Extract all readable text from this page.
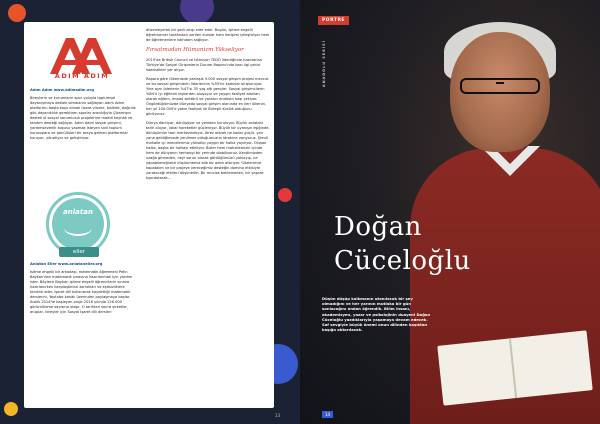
ADIM ADIM
Adım Adım www.adimadim.org
Bireylerin ve kurumların spor yoluyla toplumsal dayanışmaya destek olmalarını sağlayan Adım Adım platformu başta koşu olmak üzere yüzme, bisiklet, dağcılık gibi dayanıklılık gerektiren sporlar aracılığıyla Çikarmzın destek ol sosyal sorumluluk projelerine maddi kaynak ve tanıtım desteği sağlıyor. Adım Adım sosyal girişimi, yardımseverlik koşusu yapmak isteyen sivil toplum kuruluşlara ve gönüllüleri bir araya getiren platformlar kuruyor, yönetiyor ve geliştiriyor.
anlatan
eller
Anlatan Eller www.anlataneller.org
İşitme engelli bir arkadaşı, matematik öğretmeni Pelin Baykan'dan matematik sınavına hazırlanmak için yardım ister. Böylece Baykan işitme engelli öğrencilerin sınava hazırlanırken karşılaştıkları zorlukları ve eşitsizliklere tanıklık eder. İşaret dili kullanarak kaydettiği matematik derslerini, Youtube kanalı üzerinden paylaşmaya başlar. Aralık 2014'te başlayan proje 2018 yılında 126.000 görüntüleme sayısına ulaşır. O tarihten sonra şirketler, aruplar, bireyler için Sosyal İşaret dili dersleri
düzenleyerek bir gelir akışı elde eder. Bugün, işitme engelli öğretmenler tarafından verilen kurslar hem iletişimi iyileştiriyor hem de öğretmenlere istihdam sağlıyor.
Fırsatmadan Hümanizm Yükseliyor
2019'da British Council ve İstanyon TEDÖ liderliğinde hazırlanan Türkiye'de Sosyal Girişimlerin Durum Raporu'nda bazı ilgi çekici istatistikler yer alıyor.
Rapora göre Gikemizde yaklaşık 9.000 sosyal girişim projesi mevcut ve bu sosyal girişimlerin liderlerinin %55'ini kadınlar oluşturuyor. Yine aynı liderlerin %47'si 35 yaş altı gençler. Sosyal girişimcilerin %84'ü iyi eğitimli kişilerden oluşuyor ve yaygın faaliyet alanları olarak eğitim, imalat sektörü ve yaratıcı endüstri başı çekiyor. Öngördüğümüzde dünyada sosyal girişim alanında en ileri ülkenin, her yıl 100.000'e yakın faaliyet ile Birleşik Krallık olduğunu görüyoruz.
Dünya dönüyor, dönüşüyor ve yeniden kuruluyor. Büyük anlatılar tarih oluyor, lokal hareketler güçleniyor. Büyük bir uyanışın eşiğinde, dönüşümün tam merkezindeyiz. İtirez olarak ne kadar güçlü, yan yana geldiğimizde yenilmez olduğumuzun idrakine varıyoruz. Şimdi mahalle içi imecelerimiz yükselip yaygın bir halka yayılıyor. Oluşan halka, başka bir halkayı etkiliyor. Bizler hem mahallemizin içinde hem de dünyanın herhangi bir yerinde olabiliyoruz. Kendimizden uzağa gitmeden, neyi sorun olarak gördüğümüzü yoklayıp, ne yapabileceğimizi düşünmemiz bile bir adım attırıyor. Gözlerimizi kapatalım ve bir projeye vereceğimiz desteğin domino etkisiyle yaratacağı etkileri düşünelim. Bir mucize beklemeden, bir yaprak kıpırdatarak...
13
PORTRE
ANADOLU SERİSİ
Doğan
Cüceloğlu
Düşün düşüp kalkmanın utanılacak bir şey olmadığını ve her yarının mutlaka bir gün sonlacağını ondan öğrendik. Bilim insanı, akademisyen, yazar ve psikolojinin duayeni Doğan Cüceloğlu yazdıklarıyla yaşamaya devam edecek. Saf sevgiyle büyük önemi onun dilinden kaşıktan kaşığa aktarılacak.
14
